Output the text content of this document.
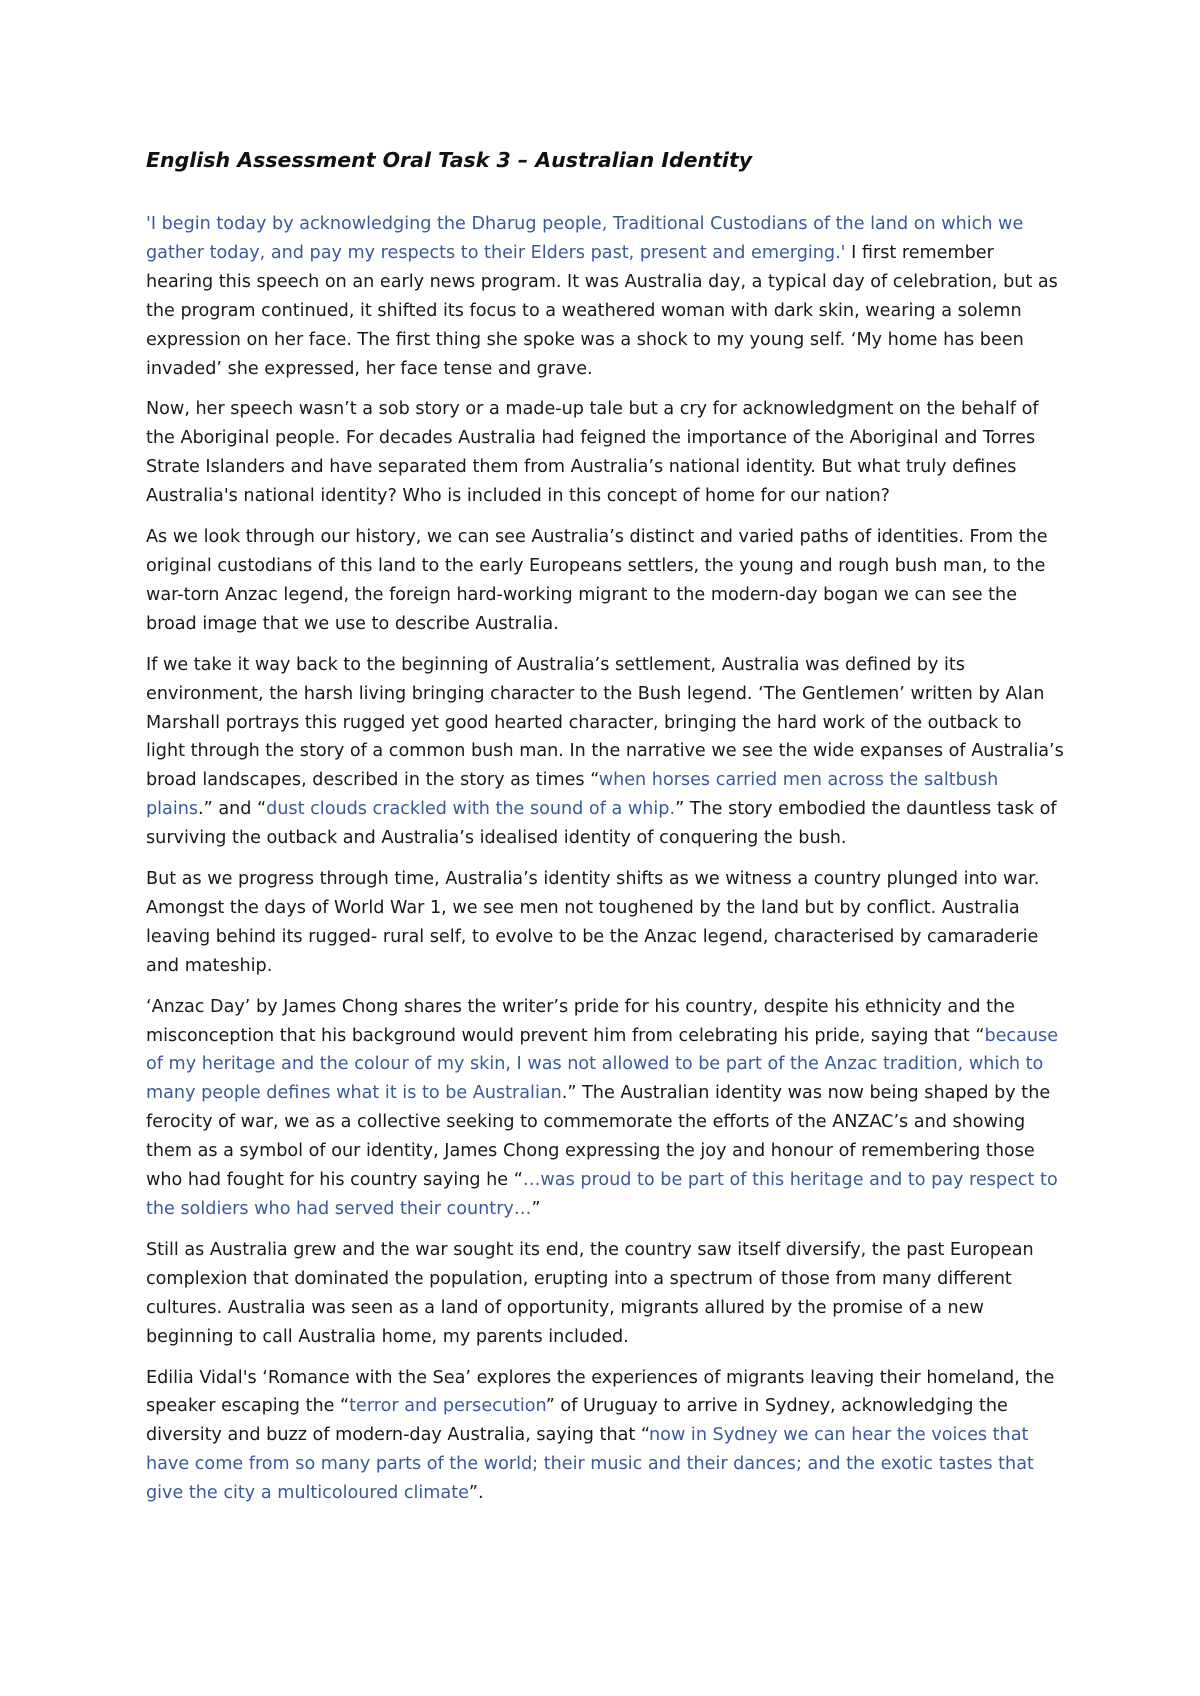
English Assessment Oral Task 3 – Australian Identity

'I begin today by acknowledging the Dharug people, Traditional Custodians of the land on which we gather today, and pay my respects to their Elders past, present and emerging.' I first remember hearing this speech on an early news program. It was Australia day, a typical day of celebration, but as the program continued, it shifted its focus to a weathered woman with dark skin, wearing a solemn expression on her face. The first thing she spoke was a shock to my young self. ‘My home has been invaded’ she expressed, her face tense and grave.

Now, her speech wasn’t a sob story or a made-up tale but a cry for acknowledgment on the behalf of the Aboriginal people. For decades Australia had feigned the importance of the Aboriginal and Torres Strate Islanders and have separated them from Australia’s national identity. But what truly defines Australia's national identity? Who is included in this concept of home for our nation?

As we look through our history, we can see Australia’s distinct and varied paths of identities. From the original custodians of this land to the early Europeans settlers, the young and rough bush man, to the war-torn Anzac legend, the foreign hard-working migrant to the modern-day bogan we can see the broad image that we use to describe Australia.

If we take it way back to the beginning of Australia’s settlement, Australia was defined by its environment, the harsh living bringing character to the Bush legend. ‘The Gentlemen’ written by Alan Marshall portrays this rugged yet good hearted character, bringing the hard work of the outback to light through the story of a common bush man. In the narrative we see the wide expanses of Australia’s broad landscapes, described in the story as times “when horses carried men across the saltbush plains.” and “dust clouds crackled with the sound of a whip.” The story embodied the dauntless task of surviving the outback and Australia’s idealised identity of conquering the bush.

But as we progress through time, Australia’s identity shifts as we witness a country plunged into war. Amongst the days of World War 1, we see men not toughened by the land but by conflict. Australia leaving behind its rugged- rural self, to evolve to be the Anzac legend, characterised by camaraderie and mateship.

‘Anzac Day’ by James Chong shares the writer’s pride for his country, despite his ethnicity and the misconception that his background would prevent him from celebrating his pride, saying that “because of my heritage and the colour of my skin, I was not allowed to be part of the Anzac tradition, which to many people defines what it is to be Australian.” The Australian identity was now being shaped by the ferocity of war, we as a collective seeking to commemorate the efforts of the ANZAC’s and showing them as a symbol of our identity, James Chong expressing the joy and honour of remembering those who had fought for his country saying he “…was proud to be part of this heritage and to pay respect to the soldiers who had served their country…”

Still as Australia grew and the war sought its end, the country saw itself diversify, the past European complexion that dominated the population, erupting into a spectrum of those from many different cultures. Australia was seen as a land of opportunity, migrants allured by the promise of a new beginning to call Australia home, my parents included.

Edilia Vidal's ‘Romance with the Sea’ explores the experiences of migrants leaving their homeland, the speaker escaping the “terror and persecution” of Uruguay to arrive in Sydney, acknowledging the diversity and buzz of modern-day Australia, saying that “now in Sydney we can hear the voices that have come from so many parts of the world; their music and their dances; and the exotic tastes that give the city a multicoloured climate”.
